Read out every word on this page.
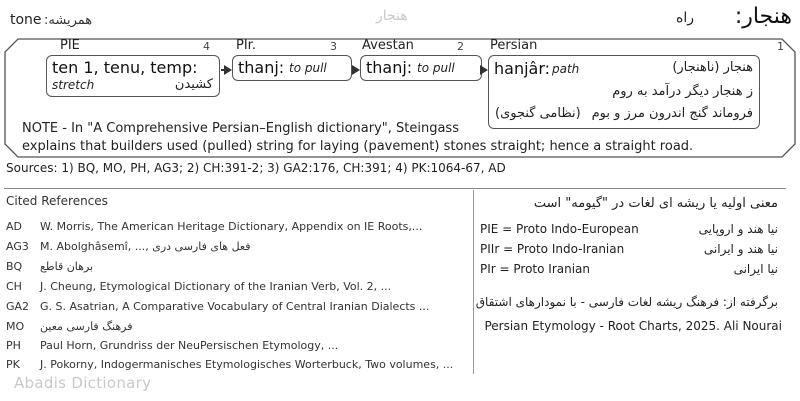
tone همریشه:	هنجار	هنجار:
راه
PIE	4 PIr.	3 Avestan	2 Persian	1
ten 1, tenu, temp:
stretch	کشیدن
thanj: to pull thanj: to pull hanjâr: path	هنجار (ناهنجار)
ز هنجار دیگر درآمد به روم
فروماند گنج اندرون مرز و بوم
(نظامی گنجوی)
NOTE - In "A Comprehensive Persian–English dictionary", Steingass
explains that builders used (pulled) string for laying (pavement) stones straight; hence a straight road.
Sources: 1) BQ, MO, PH, AG3; 2) CH:391-2; 3) GA2:176, CH:391; 4) PK:1064-67, AD
Cited References
AD W. Morris, The American Heritage Dictionary, Appendix on IE Roots,...
AG3 M. Abolghâsemî, ..., فعل های فارسی دری
BQ برهان قاطع
CH J. Cheung, Etymological Dictionary of the Iranian Verb, Vol. 2, ...
GA2 G. S. Asatrian, A Comparative Vocabulary of Central Iranian Dialects ...
MO فرهنگ فارسی معین
PH Paul Horn, Grundriss der NeuPersischen Etymology, ...
PK J. Pokorny, Indogermanisches Etymologisches Worterbuck, Two volumes, ...
معنی اولیه یا ریشه ای لغات در "گیومه" است
PIE = Proto Indo-European	نیا هند و اروپایی
PIIr = Proto Indo-Iranian	نیا هند و ایرانی
PIr = Proto Iranian	نیا ایرانی
برگرفته از: فرهنگ ریشه لغات فارسی - با نمودارهای اشتقاق
Persian Etymology - Root Charts, 2025. Ali Nourai
Abadis Dictionary
